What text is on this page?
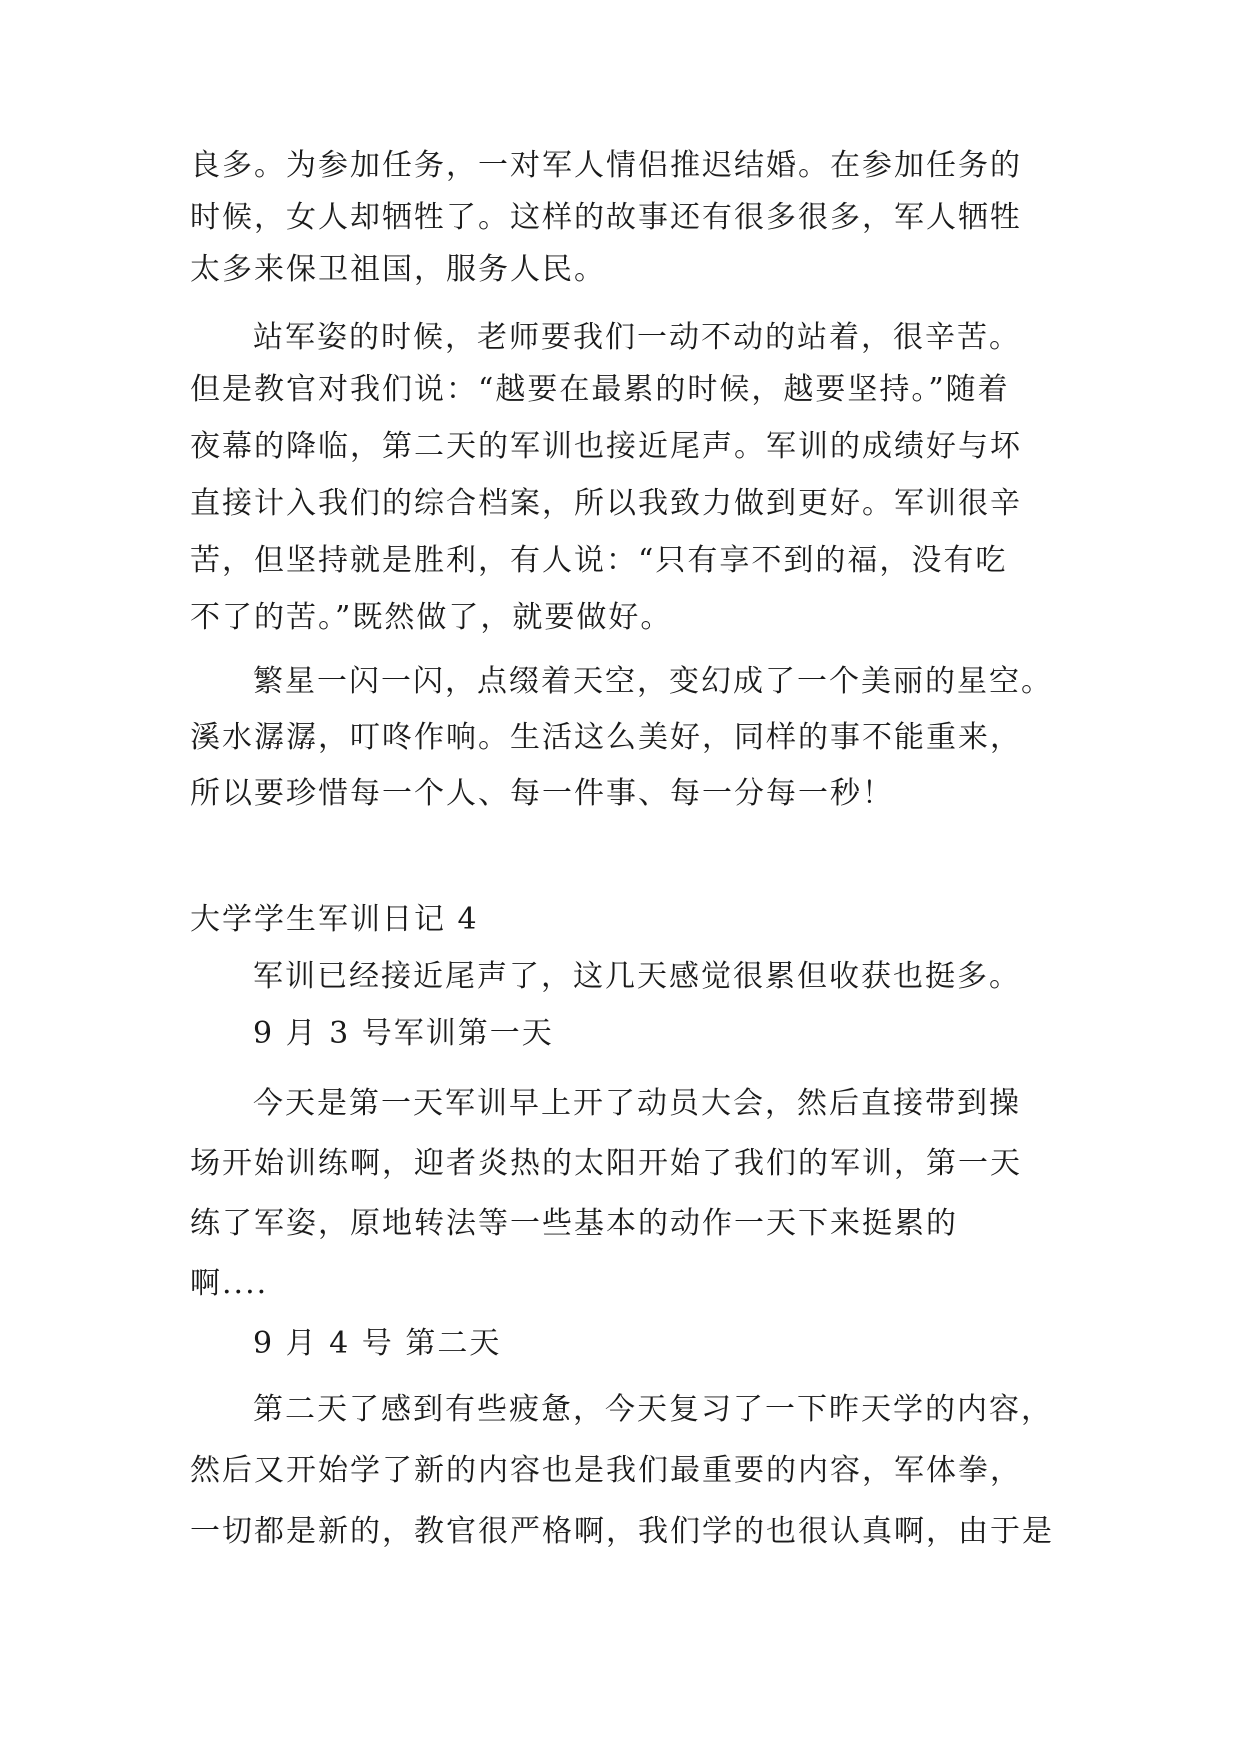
良多。为参加任务，一对军人情侣推迟结婚。在参加任务的
时候，女人却牺牲了。这样的故事还有很多很多，军人牺牲
太多来保卫祖国，服务人民。
站军姿的时候，老师要我们一动不动的站着，很辛苦。
但是教官对我们说：“越要在最累的时候，越要坚持。”随着
夜幕的降临，第二天的军训也接近尾声。军训的成绩好与坏
直接计入我们的综合档案，所以我致力做到更好。军训很辛
苦，但坚持就是胜利，有人说：“只有享不到的福，没有吃
不了的苦。”既然做了，就要做好。
繁星一闪一闪，点缀着天空，变幻成了一个美丽的星空。
溪水潺潺，叮咚作响。生活这么美好，同样的事不能重来，
所以要珍惜每一个人、每一件事、每一分每一秒！
大学学生军训日记 4
军训已经接近尾声了，这几天感觉很累但收获也挺多。
9 月 3 号军训第一天
今天是第一天军训早上开了动员大会，然后直接带到操
场开始训练啊，迎者炎热的太阳开始了我们的军训，第一天
练了军姿，原地转法等一些基本的动作一天下来挺累的
啊....
9 月 4 号 第二天
第二天了感到有些疲惫，今天复习了一下昨天学的内容，
然后又开始学了新的内容也是我们最重要的内容，军体拳，
一切都是新的，教官很严格啊，我们学的也很认真啊，由于是
